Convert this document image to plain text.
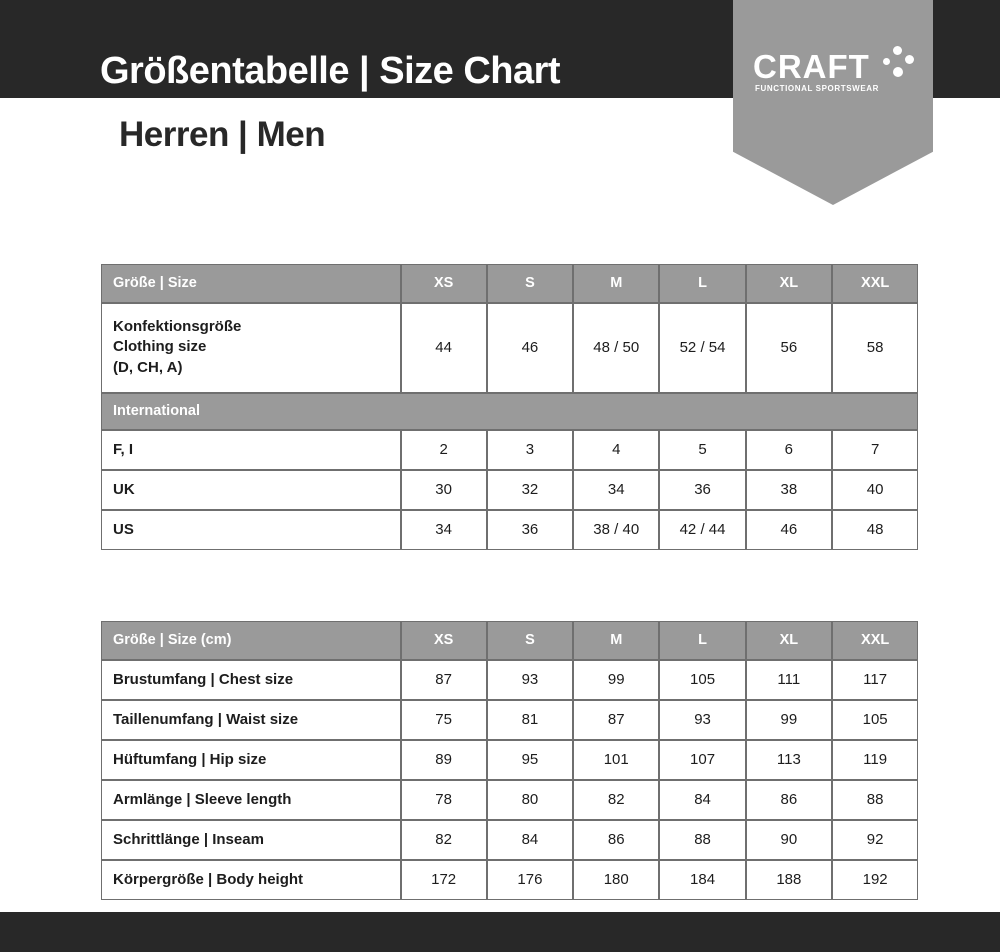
Größentabelle | Size Chart
Herren | Men
CRAFT
FUNCTIONAL SPORTSWEAR
Größe | Size	XS	S	M	L	XL	XXL

Konfektionsgröße
Clothing size
(D, CH, A)	44	46	48 / 50	52 / 54	56	58
International						
F, I	2	3	4	5	6	7
UK	30	32	34	36	38	40
US	34	36	38 / 40	42 / 44	46	48
Größe | Size (cm)	XS	S	M	L	XL	XXL
Brustumfang | Chest size	87	93	99	105	111	117
Taillenumfang | Waist size	75	81	87	93	99	105
Hüftumfang | Hip size	89	95	101	107	113	119
Armlänge | Sleeve length	78	80	82	84	86	88
Schrittlänge | Inseam	82	84	86	88	90	92
Körpergröße | Body height	172	176	180	184	188	192
